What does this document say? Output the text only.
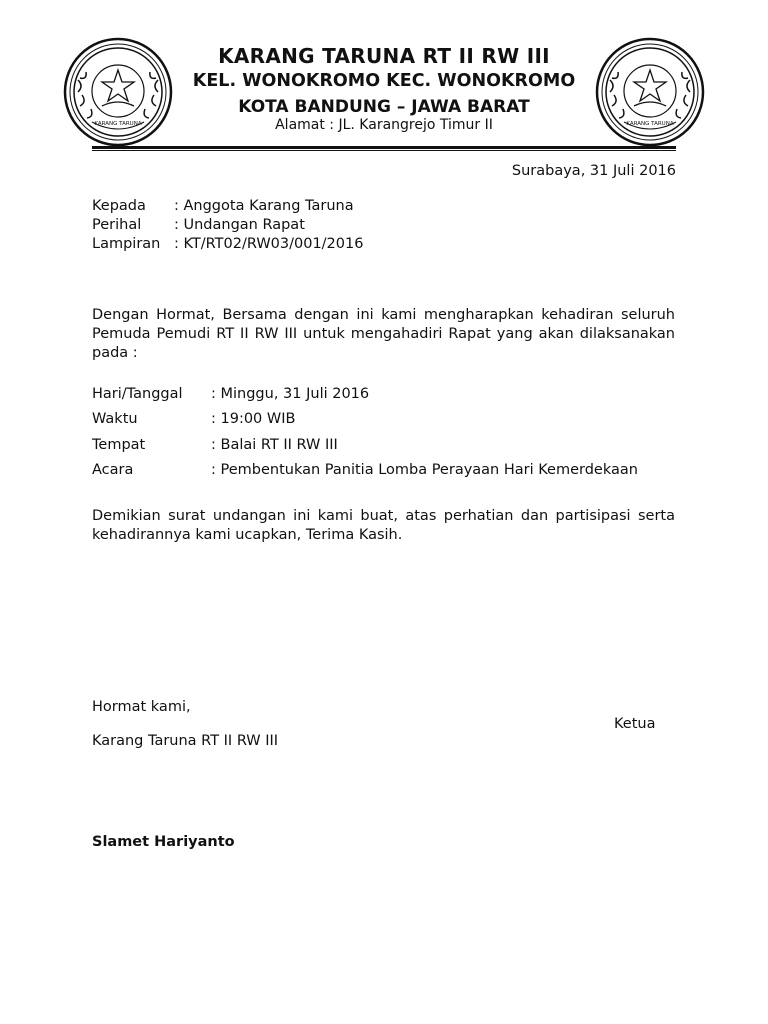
KARANG TARUNA	KARANG TARUNA
KARANG TARUNA RT II RW III
KEL. WONOKROMO KEC. WONOKROMO
KOTA BANDUNG – JAWA BARAT
Alamat : JL. Karangrejo Timur II
Surabaya, 31 Juli 2016
Kepada : Anggota Karang Taruna
Perihal : Undangan Rapat
Lampiran : KT/RT02/RW03/001/2016
Dengan Hormat, Bersama dengan ini kami mengharapkan kehadiran seluruh Pemuda Pemudi RT II RW III untuk mengahadiri Rapat yang akan dilaksanakan pada :
Hari/Tanggal : Minggu, 31 Juli 2016
Waktu	: 19:00 WIB
Tempat	: Balai RT II RW III
Acara	: Pembentukan Panitia Lomba Perayaan Hari Kemerdekaan
Demikian surat undangan ini kami buat, atas perhatian dan partisipasi serta kehadirannya kami ucapkan, Terima Kasih.
Hormat kami,
Ketua
Karang Taruna RT II RW III
Slamet Hariyanto
